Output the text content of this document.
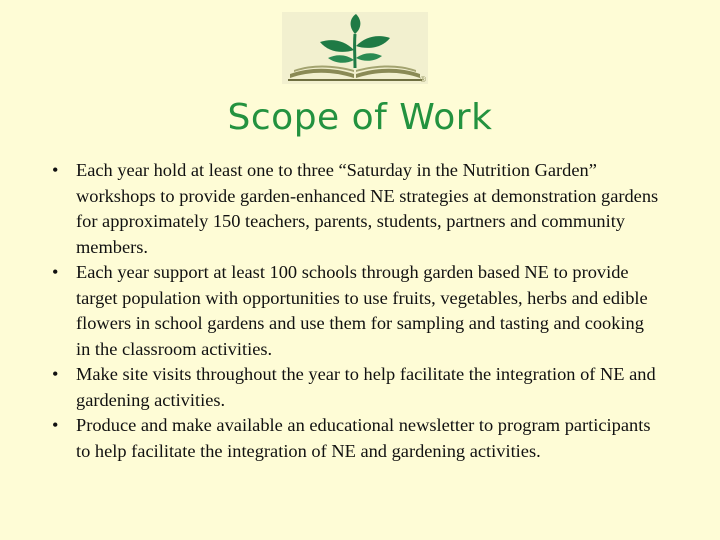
®
Scope of Work
• Each year hold at least one to three “Saturday in the Nutrition Garden” workshops to provide garden-enhanced NE strategies at demonstration gardens for approximately 150 teachers, parents, students, partners and community members.
• Each year support at least 100 schools through garden based NE to provide target population with opportunities to use fruits, vegetables, herbs and edible flowers in school gardens and use them for sampling and tasting and cooking in the classroom activities.
• Make site visits throughout the year to help facilitate the integration of NE and gardening activities.
• Produce and make available an educational newsletter to program participants to help facilitate the integration of NE and gardening activities.
